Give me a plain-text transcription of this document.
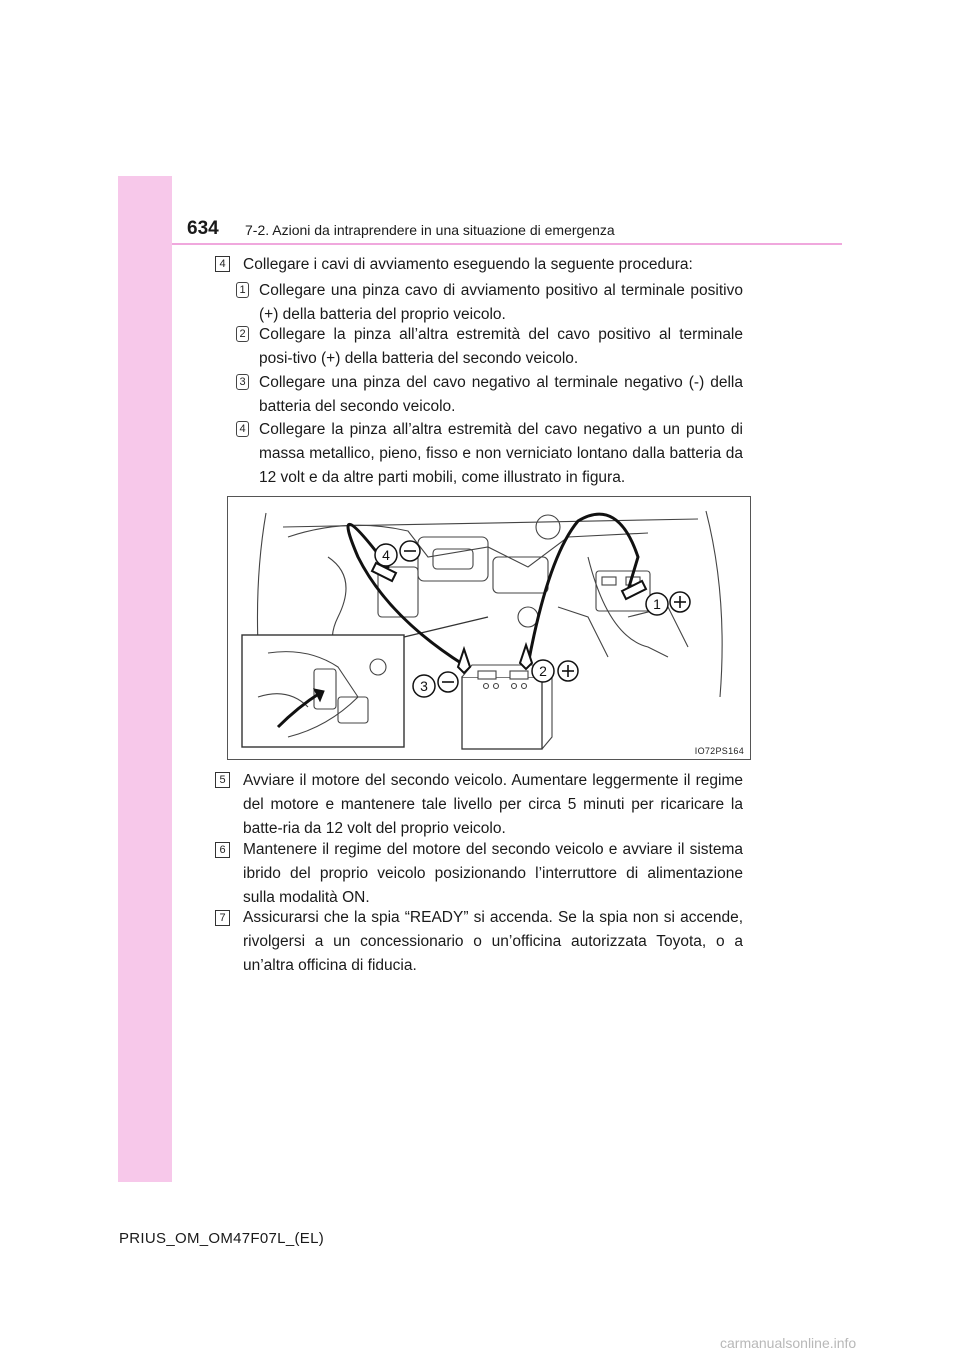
634 7-2. Azioni da intraprendere in una situazione di emergenza
4 Collegare i cavi di avviamento eseguendo la seguente procedura:
1 Collegare una pinza cavo di avviamento positivo al terminale positivo (+) della batteria del proprio veicolo.
2 Collegare la pinza all’altra estremità del cavo positivo al terminale posi-tivo (+) della batteria del secondo veicolo.
3 Collegare una pinza del cavo negativo al terminale negativo (-) della batteria del secondo veicolo.
4 Collegare la pinza all’altra estremità del cavo negativo a un punto di massa metallico, pieno, fisso e non verniciato lontano dalla batteria da 12 volt e da altre parti mobili, come illustrato in figura.
4
1
2
3
IO72PS164
5 Avviare il motore del secondo veicolo. Aumentare leggermente il regime del motore e mantenere tale livello per circa 5 minuti per ricaricare la batte-ria da 12 volt del proprio veicolo.
6 Mantenere il regime del motore del secondo veicolo e avviare il sistema ibrido del proprio veicolo posizionando l’interruttore di alimentazione sulla modalità ON.
7 Assicurarsi che la spia “READY” si accenda. Se la spia non si accende, rivolgersi a un concessionario o un’officina autorizzata Toyota, o a un’altra officina di fiducia.
PRIUS_OM_OM47F07L_(EL)
carmanualsonline.info
